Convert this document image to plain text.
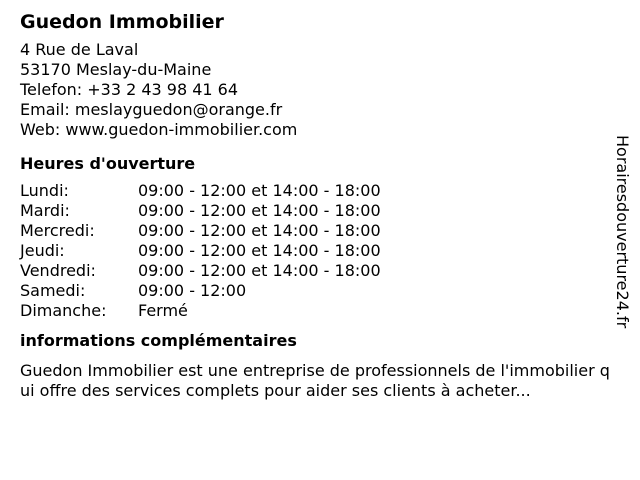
Guedon Immobilier
4 Rue de Laval
53170 Meslay-du-Maine
Telefon: +33 2 43 98 41 64
Email: meslayguedon@orange.fr
Web: www.guedon-immobilier.com
Heures d'ouverture
Lundi:	09:00 - 12:00 et 14:00 - 18:00
Mardi:	09:00 - 12:00 et 14:00 - 18:00
Mercredi:	09:00 - 12:00 et 14:00 - 18:00
Jeudi:	09:00 - 12:00 et 14:00 - 18:00
Vendredi:	09:00 - 12:00 et 14:00 - 18:00
Samedi:	09:00 - 12:00
Dimanche:	Fermé
informations complémentaires
Guedon Immobilier est une entreprise de professionnels de l'immobilier qui offre des services complets pour aider ses clients à acheter...
Horairesdouverture24.fr
